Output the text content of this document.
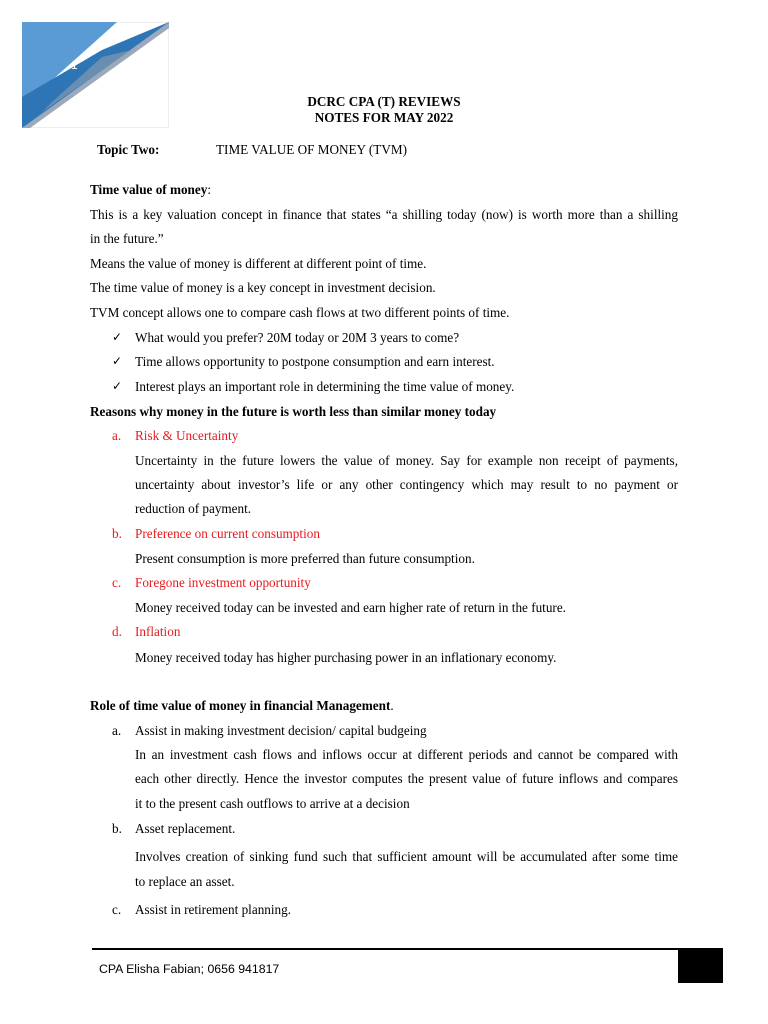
1
DCRC CPA (T) REVIEWS
NOTES FOR MAY 2022
Topic Two:	TIME VALUE OF MONEY (TVM)
Time value of money:
This is a key valuation concept in finance that states “a shilling today (now) is worth more than a shilling
in the future.”
Means the value of money is different at different point of time.
The time value of money is a key concept in investment decision.
TVM concept allows one to compare cash flows at two different points of time.
✓ What would you prefer? 20M today or 20M 3 years to come?
✓ Time allows opportunity to postpone consumption and earn interest.
✓ Interest plays an important role in determining the time value of money.
Reasons why money in the future is worth less than similar money today
a. Risk & Uncertainty
Uncertainty in the future lowers the value of money. Say for example non receipt of payments,
uncertainty about investor’s life or any other contingency which may result to no payment or
reduction of payment.
b. Preference on current consumption
Present consumption is more preferred than future consumption.
c. Foregone investment opportunity
Money received today can be invested and earn higher rate of return in the future.
d. Inflation
Money received today has higher purchasing power in an inflationary economy.
Role of time value of money in financial Management.
a. Assist in making investment decision/ capital budgeing
In an investment cash flows and inflows occur at different periods and cannot be compared with
each other directly. Hence the investor computes the present value of future inflows and compares
it to the present cash outflows to arrive at a decision
b. Asset replacement.
Involves creation of sinking fund such that sufficient amount will be accumulated after some time
to replace an asset.
c. Assist in retirement planning.
CPA Elisha Fabian; 0656 941817
